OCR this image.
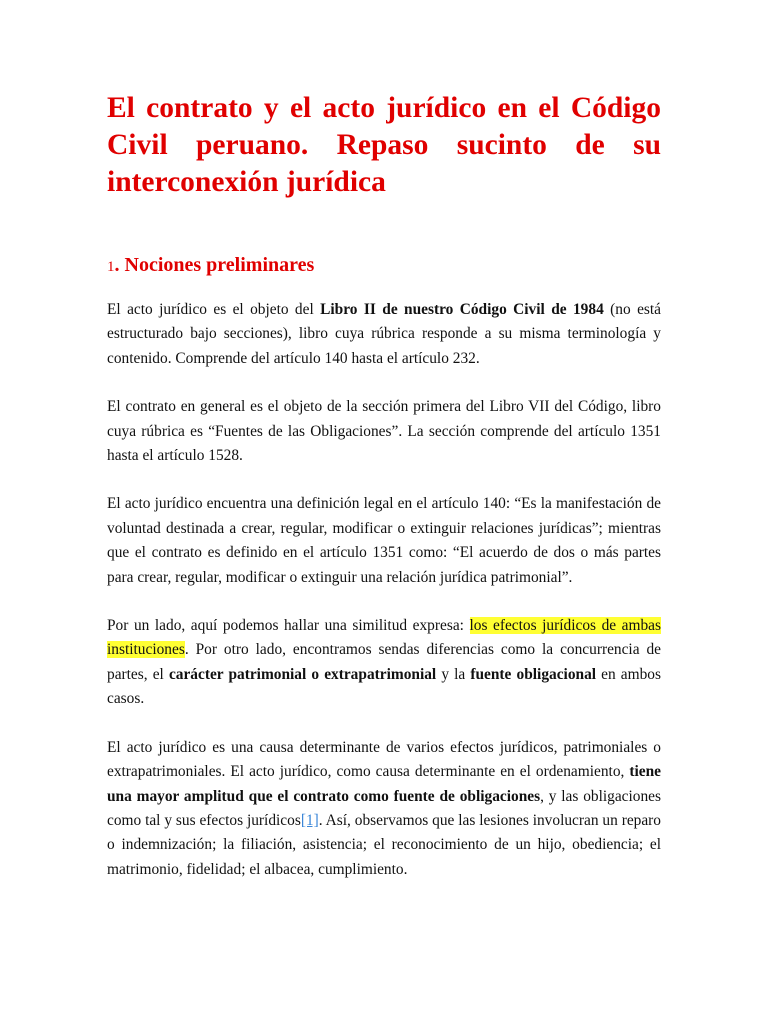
El contrato y el acto jurídico en el Código Civil peruano. Repaso sucinto de su interconexión jurídica
1. Nociones preliminares

El acto jurídico es el objeto del Libro II de nuestro Código Civil de 1984 (no está estructurado bajo secciones), libro cuya rúbrica responde a su misma terminología y contenido. Comprende del artículo 140 hasta el artículo 232.

El contrato en general es el objeto de la sección primera del Libro VII del Código, libro cuya rúbrica es “Fuentes de las Obligaciones”. La sección comprende del artículo 1351 hasta el artículo 1528.

El acto jurídico encuentra una definición legal en el artículo 140: “Es la manifestación de voluntad destinada a crear, regular, modificar o extinguir relaciones jurídicas”; mientras que el contrato es definido en el artículo 1351 como: “El acuerdo de dos o más partes para crear, regular, modificar o extinguir una relación jurídica patrimonial”.

Por un lado, aquí podemos hallar una similitud expresa: los efectos jurídicos de ambas instituciones. Por otro lado, encontramos sendas diferencias como la concurrencia de partes, el carácter patrimonial o extrapatrimonial y la fuente obligacional en ambos casos.

El acto jurídico es una causa determinante de varios efectos jurídicos, patrimoniales o extrapatrimoniales. El acto jurídico, como causa determinante en el ordenamiento, tiene una mayor amplitud que el contrato como fuente de obligaciones, y las obligaciones como tal y sus efectos jurídicos[1]. Así, observamos que las lesiones involucran un reparo o indemnización; la filiación, asistencia; el reconocimiento de un hijo, obediencia; el matrimonio, fidelidad; el albacea, cumplimiento.
